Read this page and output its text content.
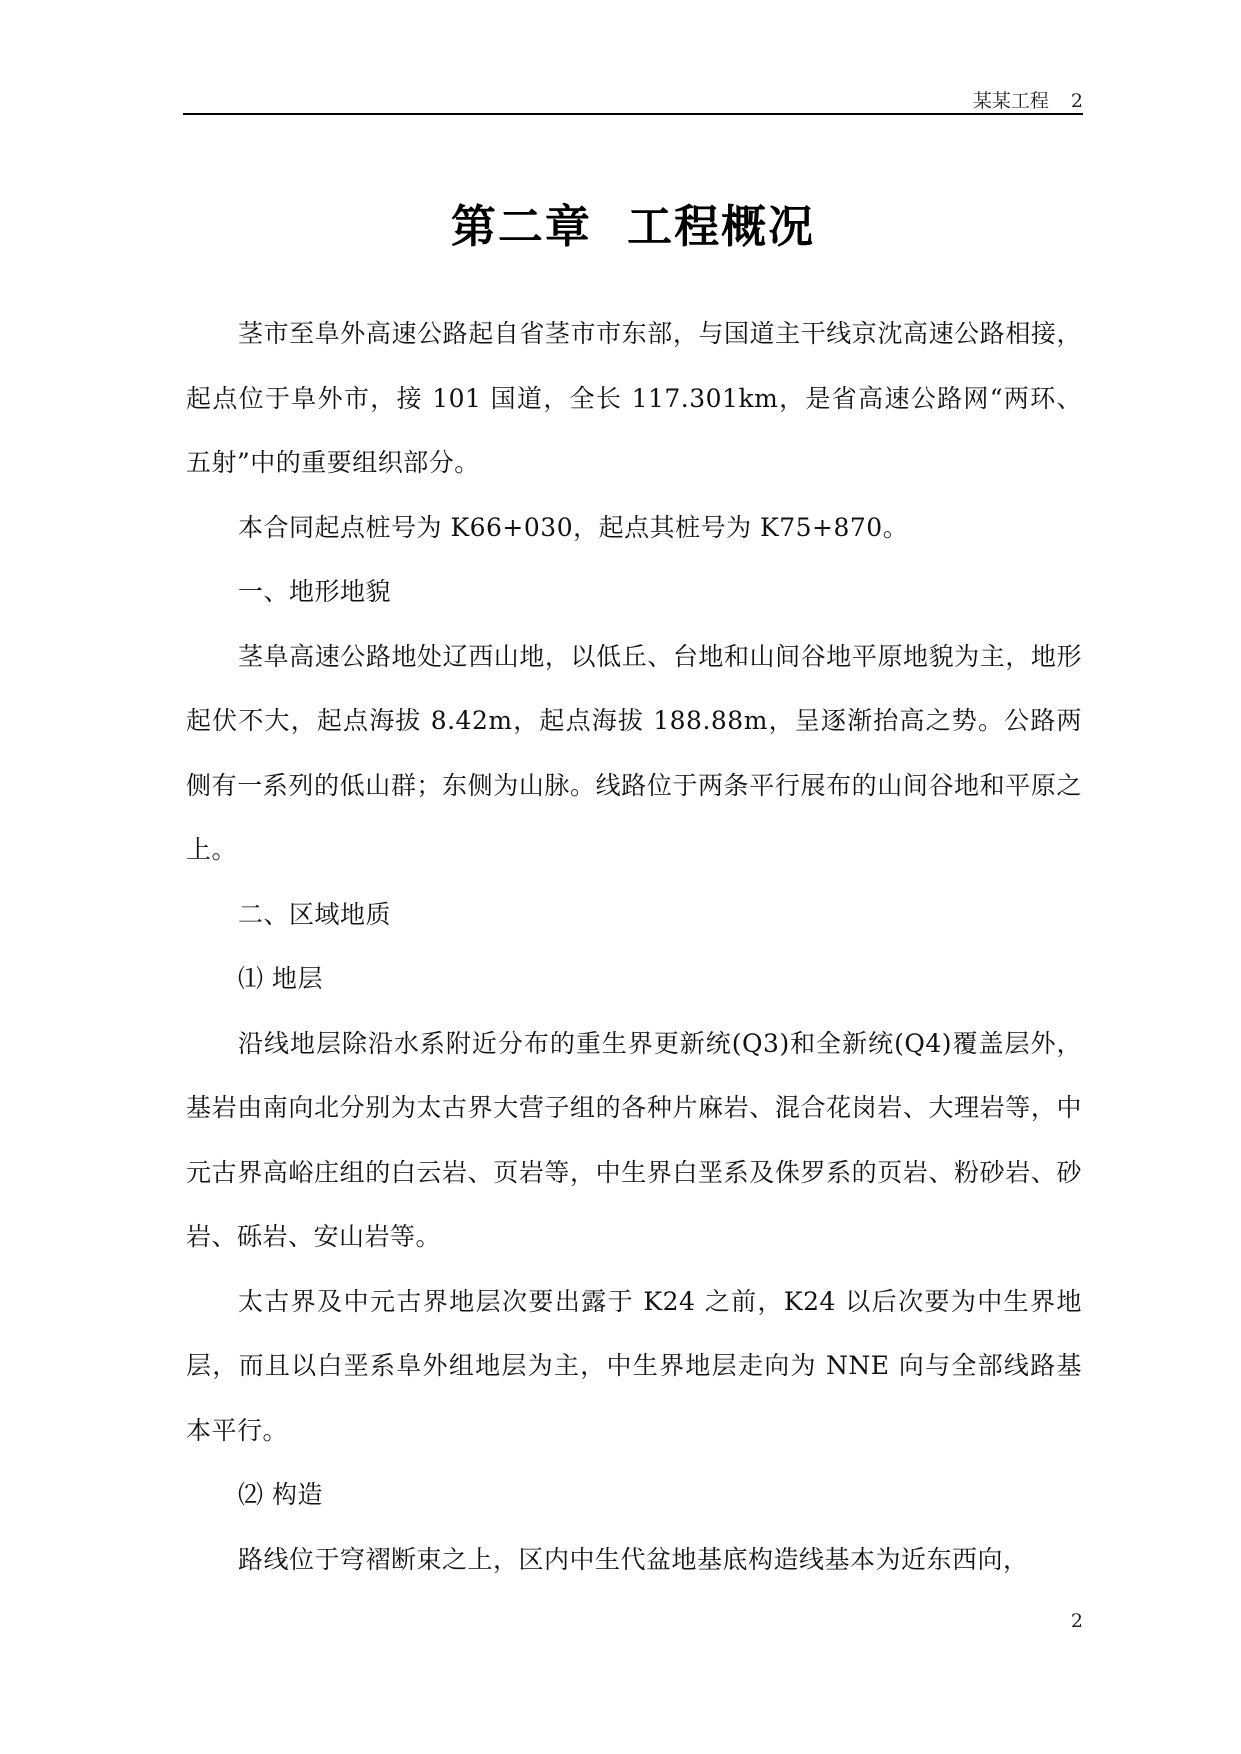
某某工程 2
第二章  工程概况

茎市至阜外高速公路起自省茎市市东部，与国道主干线京沈高速公路相接，起点位于阜外市，接 101 国道，全长 117.301km，是省高速公路网“两环、五射”中的重要组织部分。

本合同起点桩号为 K66+030，起点其桩号为 K75+870。

一、地形地貌

茎阜高速公路地处辽西山地，以低丘、台地和山间谷地平原地貌为主，地形起伏不大，起点海拔 8.42m，起点海拔 188.88m，呈逐渐抬高之势。公路两侧有一系列的低山群；东侧为山脉。线路位于两条平行展布的山间谷地和平原之上。

二、区域地质

⑴ 地层

沿线地层除沿水系附近分布的重生界更新统(Q3)和全新统(Q4)覆盖层外，基岩由南向北分别为太古界大营子组的各种片麻岩、混合花岗岩、大理岩等，中元古界高峪庄组的白云岩、页岩等，中生界白垩系及侏罗系的页岩、粉砂岩、砂岩、砾岩、安山岩等。

太古界及中元古界地层次要出露于 K24 之前，K24 以后次要为中生界地层，而且以白垩系阜外组地层为主，中生界地层走向为 NNE 向与全部线路基本平行。

⑵ 构造

路线位于穹褶断束之上，区内中生代盆地基底构造线基本为近东西向，

2
